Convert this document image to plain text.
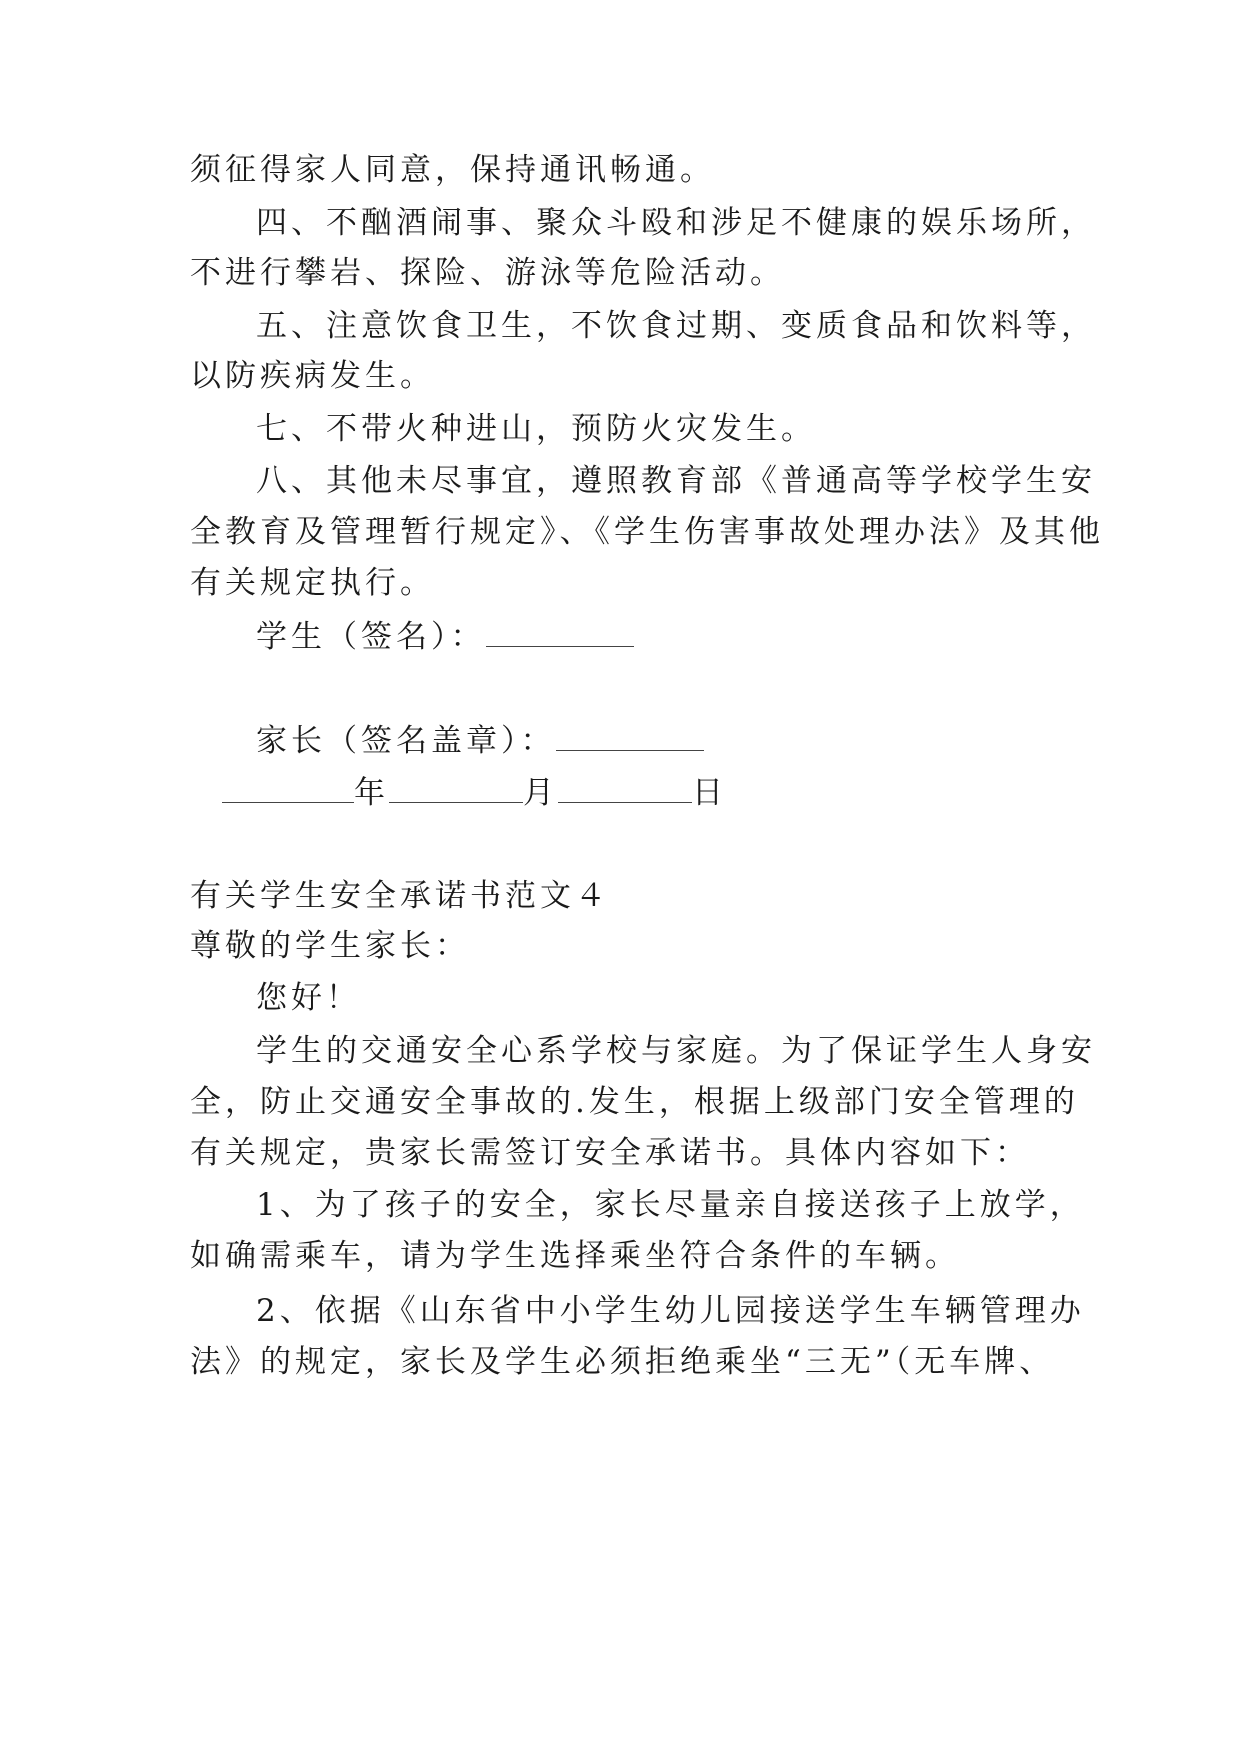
须征得家人同意，保持通讯畅通。
四、不酗酒闹事、聚众斗殴和涉足不健康的娱乐场所，
不进行攀岩、探险、游泳等危险活动。
五、注意饮食卫生，不饮食过期、变质食品和饮料等，
以防疾病发生。
七、不带火种进山，预防火灾发生。
八、其他未尽事宜，遵照教育部《普通高等学校学生安
全教育及管理暂行规定》、《学生伤害事故处理办法》及其他
有关规定执行。
学生（签名）：
家长（签名盖章）：
年	月	日
有关学生安全承诺书范文４
尊敬的学生家长：
您好！
学生的交通安全心系学校与家庭。为了保证学生人身安
全，防止交通安全事故的.发生，根据上级部门安全管理的
有关规定，贵家长需签订安全承诺书。具体内容如下：
1、为了孩子的安全，家长尽量亲自接送孩子上放学，
如确需乘车，请为学生选择乘坐符合条件的车辆。
2、依据《山东省中小学生幼儿园接送学生车辆管理办
法》的规定，家长及学生必须拒绝乘坐“三无”（无车牌、
